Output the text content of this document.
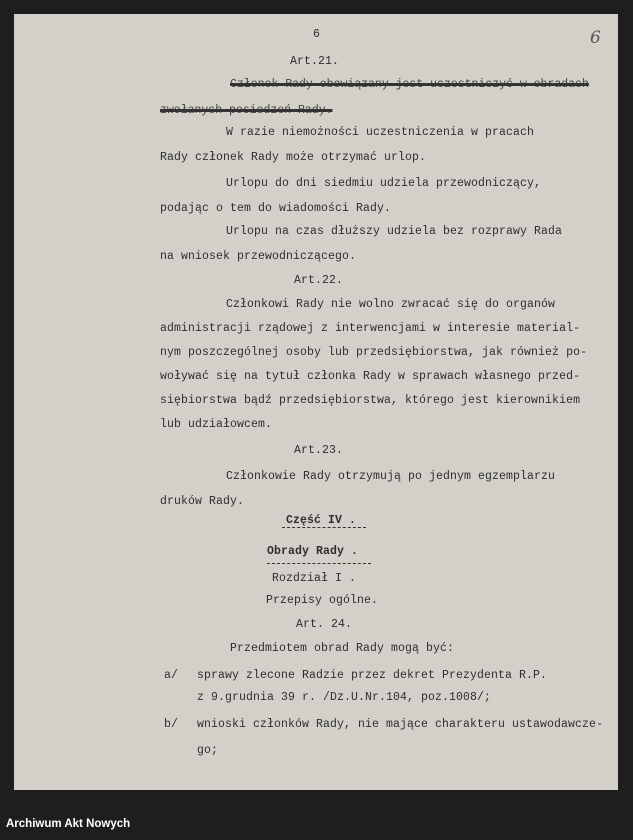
6	6
Art.21.
Członek Rady obowiązany jest uczestniczyć w obradach
zwołanych posiedzeń Rady.
W razie niemożności uczestniczenia w pracach
Rady członek Rady może otrzymać urlop.
Urlopu do dni siedmiu udziela przewodniczący,
podając o tem do wiadomości Rady.
Urlopu na czas dłuższy udziela bez rozprawy Rada
na wniosek przewodniczącego.
Art.22.
Członkowi Rady nie wolno zwracać się do organów
administracji rządowej z interwencjami w interesie material-
nym poszczególnej osoby lub przedsiębiorstwa, jak również po-
woływać się na tytuł członka Rady w sprawach własnego przed-
siębiorstwa bądź przedsiębiorstwa, którego jest kierownikiem
lub udziałowcem.
Art.23.
Członkowie Rady otrzymują po jednym egzemplarzu
druków Rady.
Część IV .
Obrady Rady .
Rozdział I .
Przepisy ogólne.
Art. 24.
Przedmiotem obrad Rady mogą być:
a/ sprawy zlecone Radzie przez dekret Prezydenta R.P.
z 9.grudnia 39 r. /Dz.U.Nr.104, poz.1008/;
b/ wnioski członków Rady, nie mające charakteru ustawodawcze-
go;
Archiwum Akt Nowych
